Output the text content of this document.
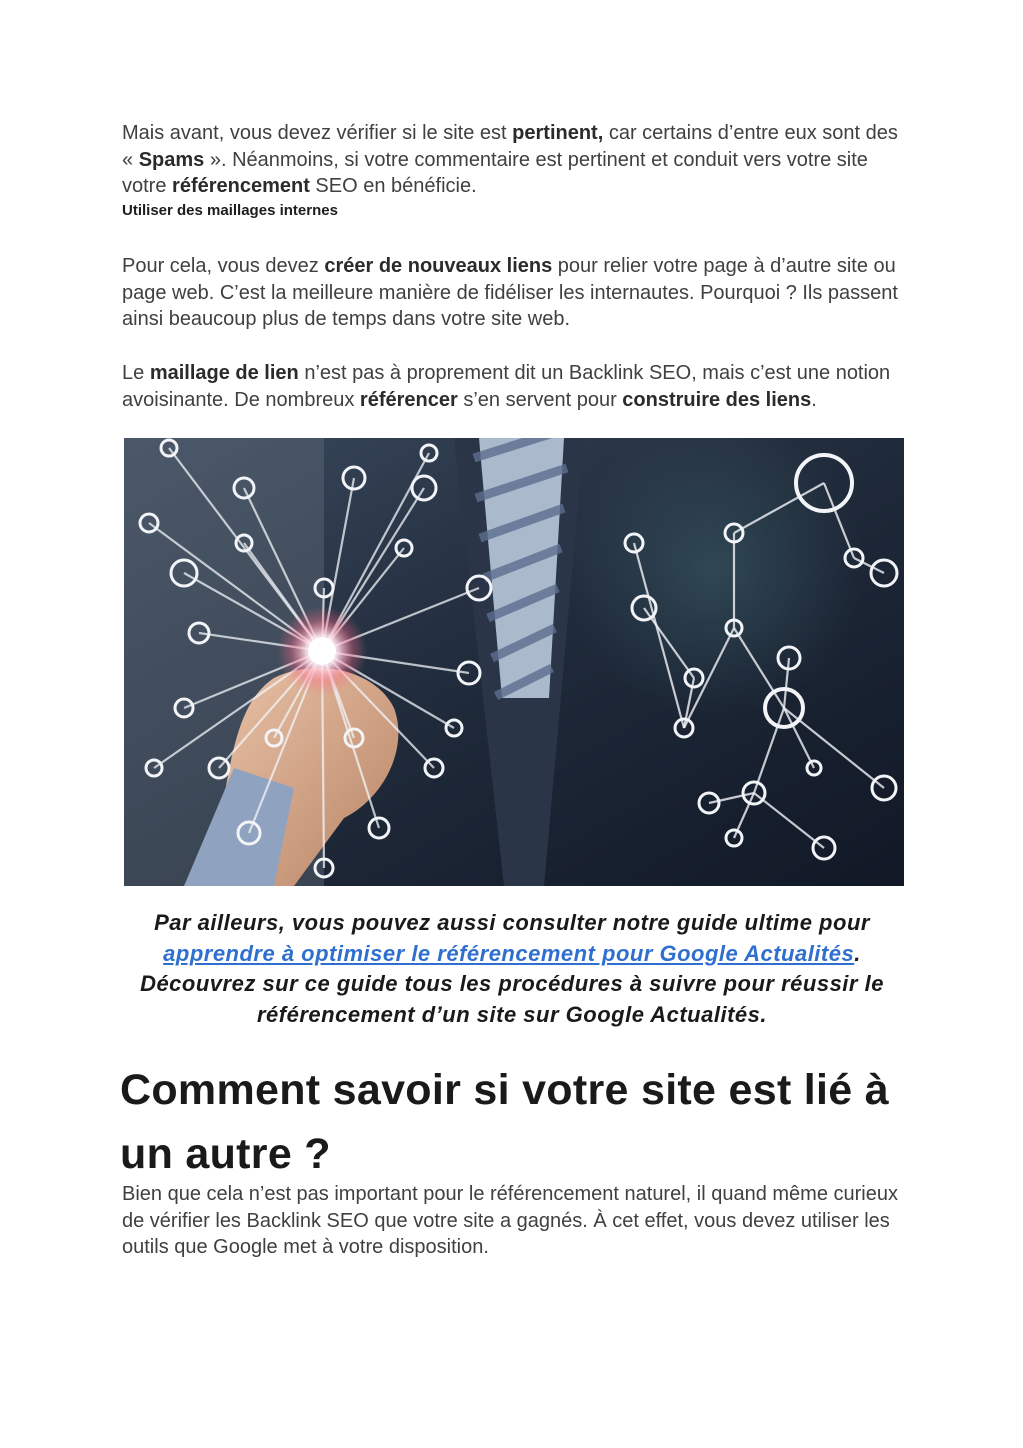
Mais avant, vous devez vérifier si le site est pertinent, car certains d’entre eux sont des « Spams ». Néanmoins, si votre commentaire est pertinent et conduit vers votre site votre référencement SEO en bénéficie.

Utiliser des maillages internes

Pour cela, vous devez créer de nouveaux liens pour relier votre page à d’autre site ou page web. C’est la meilleure manière de fidéliser les internautes. Pourquoi ? Ils passent ainsi beaucoup plus de temps dans votre site web.

Le maillage de lien n’est pas à proprement dit un Backlink SEO, mais c’est une notion avoisinante. De nombreux référencer s’en servent pour construire des liens.

Par ailleurs, vous pouvez aussi consulter notre guide ultime pour apprendre à optimiser le référencement pour Google Actualités. Découvrez sur ce guide tous les procédures à suivre pour réussir le référencement d’un site sur Google Actualités.

Comment savoir si votre site est lié à un autre ?

Bien que cela n’est pas important pour le référencement naturel, il quand même curieux de vérifier les Backlink SEO que votre site a gagnés. À cet effet, vous devez utiliser les outils que Google met à votre disposition.
